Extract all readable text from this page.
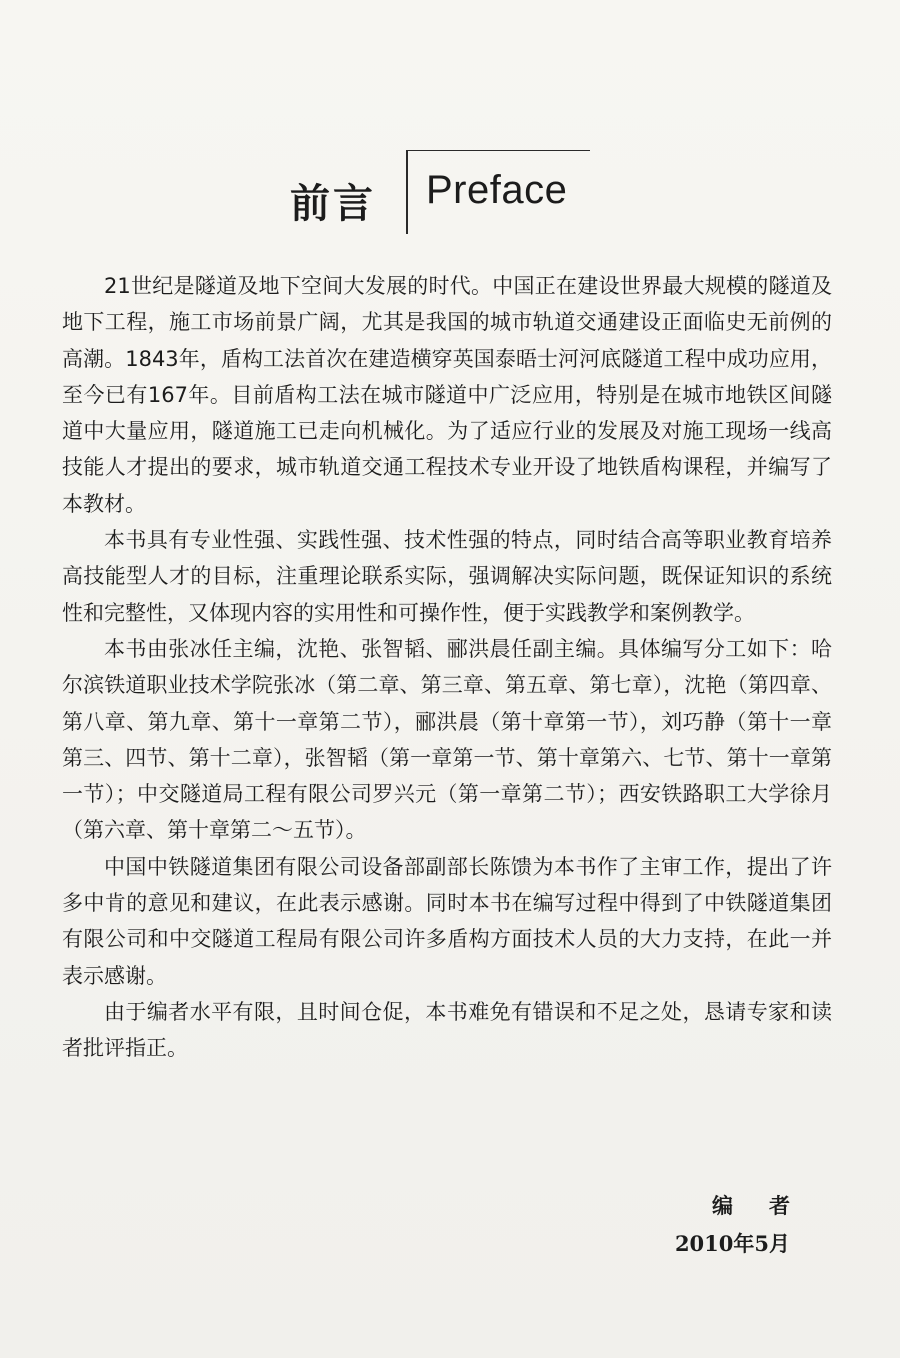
前言 Preface

21世纪是隧道及地下空间大发展的时代。中国正在建设世界最大规模的隧道及地下工程，施工市场前景广阔，尤其是我国的城市轨道交通建设正面临史无前例的高潮。1843年，盾构工法首次在建造横穿英国泰晤士河河底隧道工程中成功应用，至今已有167年。目前盾构工法在城市隧道中广泛应用，特别是在城市地铁区间隧道中大量应用，隧道施工已走向机械化。为了适应行业的发展及对施工现场一线高技能人才提出的要求，城市轨道交通工程技术专业开设了地铁盾构课程，并编写了本教材。

本书具有专业性强、实践性强、技术性强的特点，同时结合高等职业教育培养高技能型人才的目标，注重理论联系实际，强调解决实际问题，既保证知识的系统性和完整性，又体现内容的实用性和可操作性，便于实践教学和案例教学。

本书由张冰任主编，沈艳、张智韬、郦洪晨任副主编。具体编写分工如下：哈尔滨铁道职业技术学院张冰（第二章、第三章、第五章、第七章），沈艳（第四章、第八章、第九章、第十一章第二节），郦洪晨（第十章第一节），刘巧静（第十一章第三、四节、第十二章），张智韬（第一章第一节、第十章第六、七节、第十一章第一节）；中交隧道局工程有限公司罗兴元（第一章第二节）；西安铁路职工大学徐月（第六章、第十章第二～五节）。

中国中铁隧道集团有限公司设备部副部长陈馈为本书作了主审工作，提出了许多中肯的意见和建议，在此表示感谢。同时本书在编写过程中得到了中铁隧道集团有限公司和中交隧道工程局有限公司许多盾构方面技术人员的大力支持，在此一并表示感谢。

由于编者水平有限，且时间仓促，本书难免有错误和不足之处，恳请专家和读者批评指正。

编者
2010年5月
